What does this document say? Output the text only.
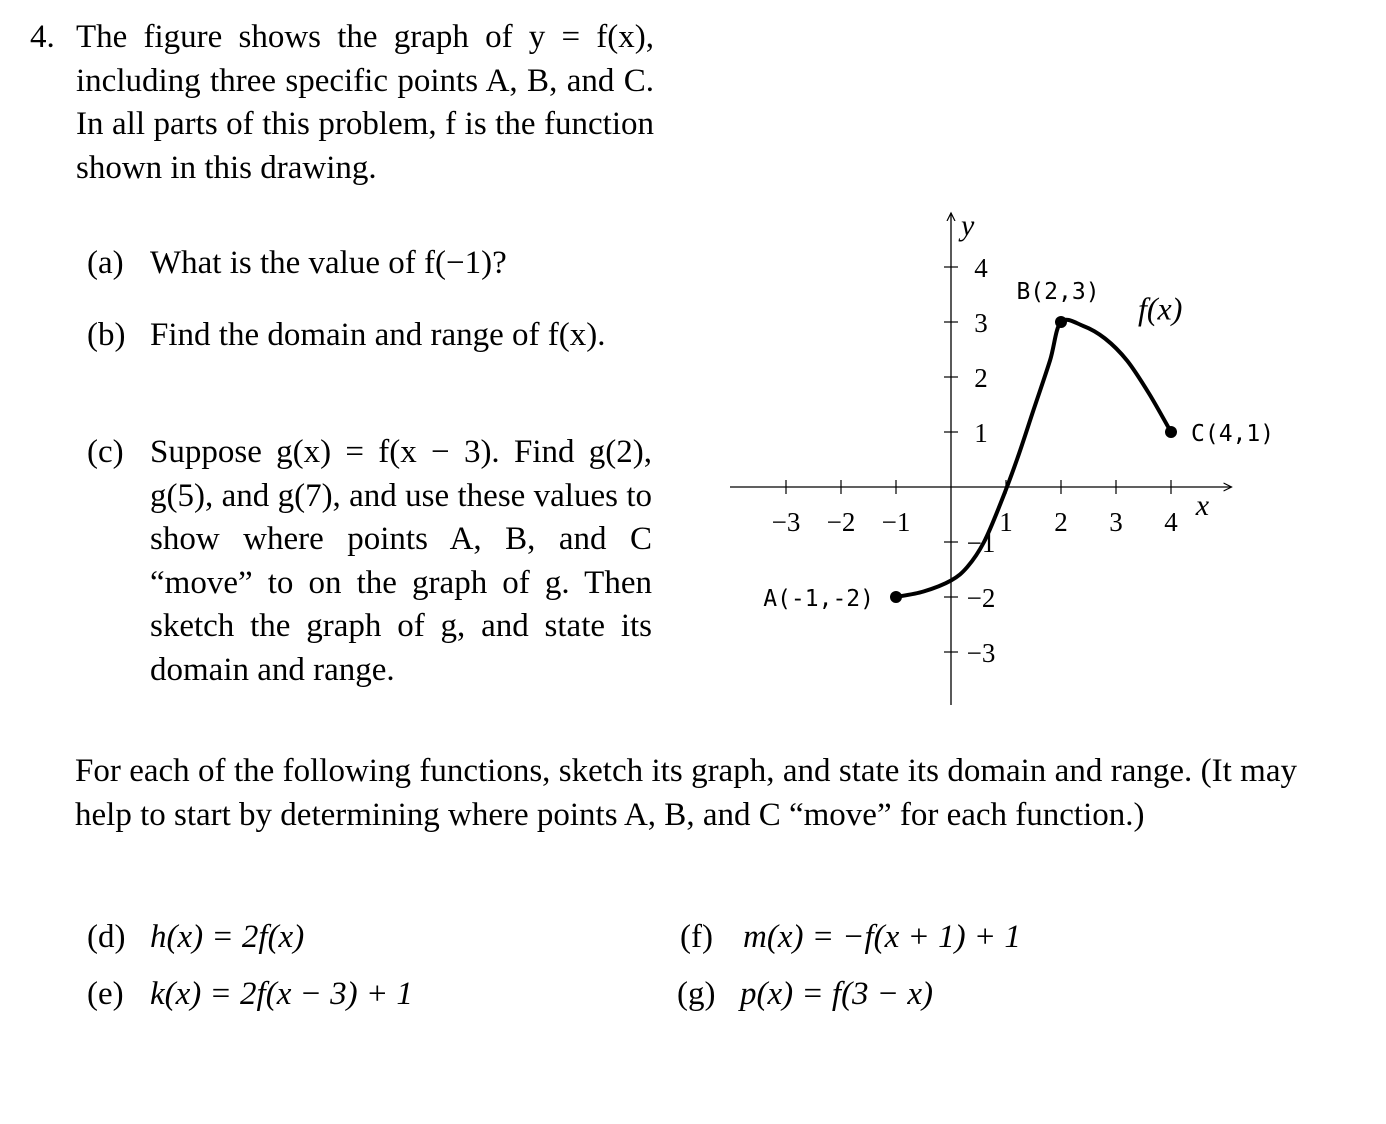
4. The figure shows the graph of y = f(x), including three specific points A, B, and C. In all parts of this problem, f is the function shown in this drawing.
(a) What is the value of f(−1)?
(b) Find the domain and range of f(x).
(c) Suppose g(x) = f(x − 3). Find g(2), g(5), and g(7), and use these values to show where points A, B, and C “move” to on the graph of g. Then sketch the graph of g, and state its domain and range.
−3 −2 −1	1 2 3 4
−3
−2
−1
1
2
3
4
A(-1,-2)
B(2,3)
C(4,1)
x
y
f(x)
For each of the following functions, sketch its graph, and state its domain and range. (It may help to start by determining where points A, B, and C “move” for each function.)
(d) h(x) = 2f(x)
(e) k(x) = 2f(x − 3) + 1
(f) m(x) = −f(x + 1) + 1
(g) p(x) = f(3 − x)
